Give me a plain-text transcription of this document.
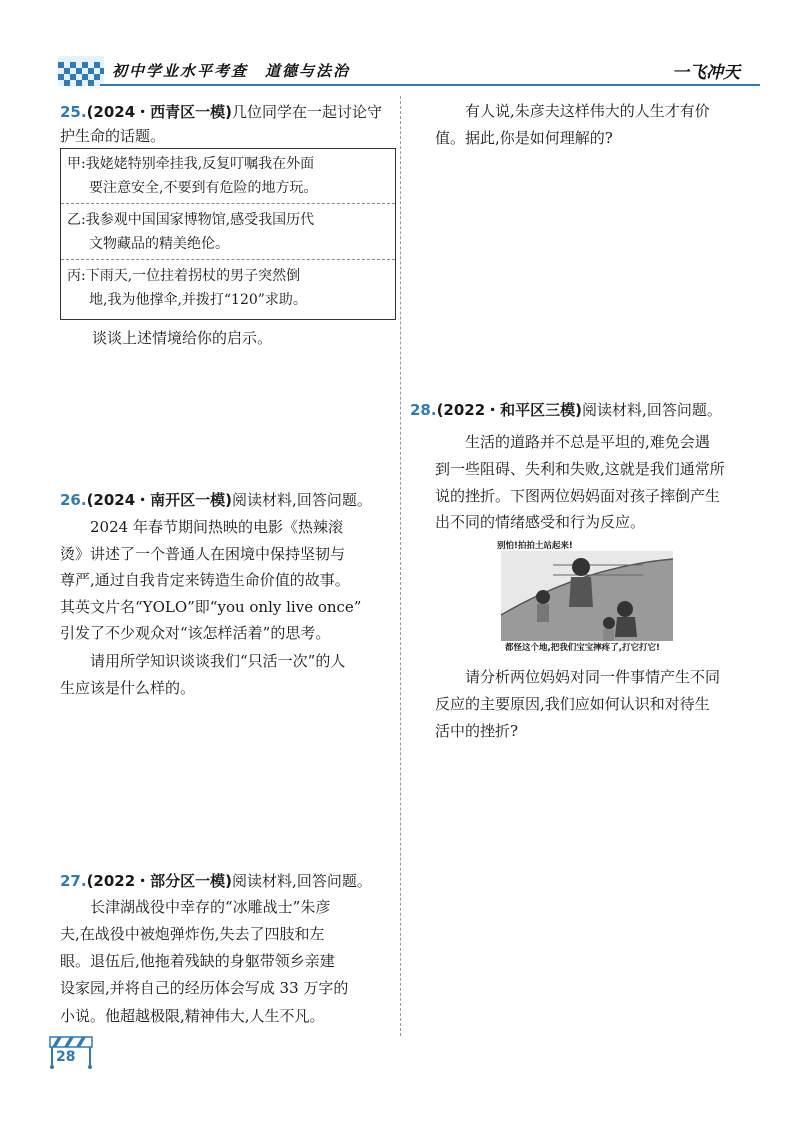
初中学业水平考查　道德与法治	一飞冲天
25.(2024・西青区一模)几位同学在一起讨论守
护生命的话题。
甲:我姥姥特别牵挂我,反复叮嘱我在外面
要注意安全,不要到有危险的地方玩。
乙:我参观中国国家博物馆,感受我国历代
文物藏品的精美绝伦。
丙:下雨天,一位拄着拐杖的男子突然倒
地,我为他撑伞,并拨打“120”求助。
谈谈上述情境给你的启示。
26.(2024・南开区一模)阅读材料,回答问题。
2024 年春节期间热映的电影《热辣滚
烫》讲述了一个普通人在困境中保持坚韧与
尊严,通过自我肯定来铸造生命价值的故事。
其英文片名“YOLO”即“you only live once”
引发了不少观众对“该怎样活着”的思考。
请用所学知识谈谈我们“只活一次”的人
生应该是什么样的。
27.(2022・部分区一模)阅读材料,回答问题。
长津湖战役中幸存的“冰雕战士”朱彦
夫,在战役中被炮弹炸伤,失去了四肢和左
眼。退伍后,他拖着残缺的身躯带领乡亲建
设家园,并将自己的经历体会写成 33 万字的
小说。他超越极限,精神伟大,人生不凡。
有人说,朱彦夫这样伟大的人生才有价
值。据此,你是如何理解的?
28.(2022・和平区三模)阅读材料,回答问题。
生活的道路并不总是平坦的,难免会遇
到一些阻碍、失利和失败,这就是我们通常所
说的挫折。下图两位妈妈面对孩子摔倒产生
出不同的情绪感受和行为反应。
别怕!拍拍土站起来!
都怪这个地,把我们宝宝摔疼了,打它打它!
请分析两位妈妈对同一件事情产生不同
反应的主要原因,我们应如何认识和对待生
活中的挫折?
28
